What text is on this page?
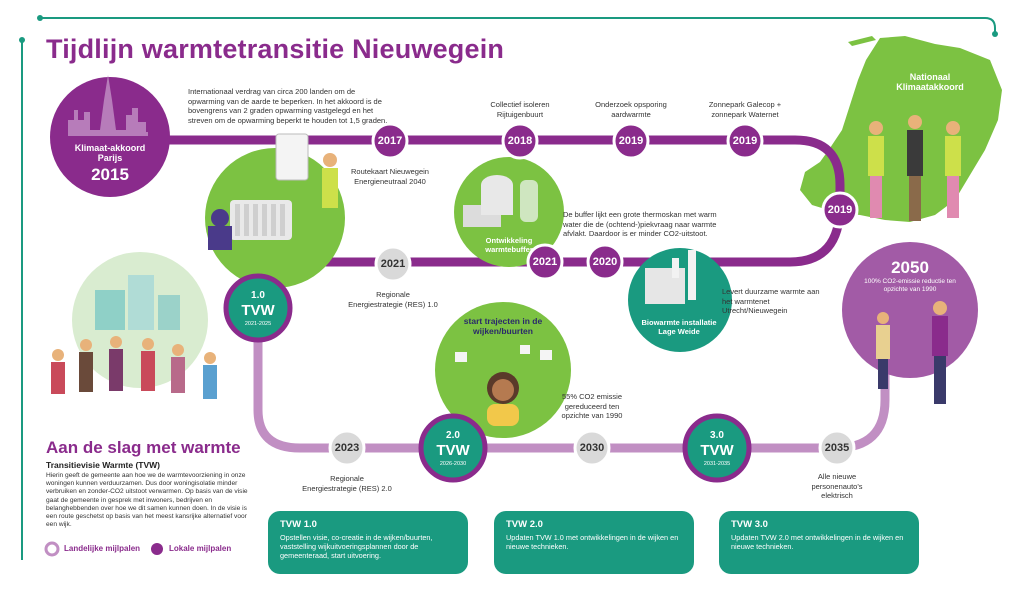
Tijdlijn warmtetransitie Nieuwegein
Klimaat-akkoord Parijs
2015
Internationaal verdrag van circa 200 landen om de opwarming van de aarde te beperken. In het akkoord is de bovengrens van 2 graden opwarming vastgelegd en het streven om de opwarming beperkt te houden tot 1,5 graden.
2017
Routekaart Nieuwegein Energieneutraal 2040
2018
Collectief isoleren Rijtuigenbuurt
2019
Onderzoek opsporing aardwarmte
2019
Zonnepark Galecop + zonnepark Waternet
Nationaal Klimaatakkoord
2019
Ontwikkeling warmtebuffer
De buffer lijkt een grote thermoskan met warm water die de (ochtend-)piekvraag naar warmte afvlakt. Daardoor is er minder CO2-uitstoot.
2021	2020
2021
Regionale Energiestrategie (RES) 1.0
Biowarmte installatie Lage Weide
Levert duurzame warmte aan het warmtenet Utrecht/Nieuwegein
2050
100% CO2-emissie reductie ten opzichte van 1990
1.0
TVW
2021-2025	start trajecten in de wijken/buurten
2023
Regionale Energiestrategie (RES) 2.0
2.0
TVW
2026-2030
2030
55% CO2 emissie gereduceerd ten opzichte van 1990
3.0
TVW
2031-2035
2035
Alle nieuwe personenauto's elektrisch
Aan de slag met warmte
Transitievisie Warmte (TVW)
Hierin geeft de gemeente aan hoe we de warmtevoorziening in onze woningen kunnen verduurzamen. Dus door woningisolatie minder verbruiken en zonder-CO2 uitstoot verwarmen. Op basis van de visie gaat de gemeente in gesprek met inwoners, bedrijven en belanghebbenden over hoe we dit samen kunnen doen. In de visie is een route geschetst op basis van het meest kansrijke alternatief voor een wijk.
Landelijke mijlpalen	Lokale mijlpalen
TVW 1.0

Opstellen visie, co-creatie in de wijken/buurten, vaststelling wijkuitvoeringsplannen door de gemeenteraad, start uitvoering.

TVW 2.0

Updaten TVW 1.0 met ontwikkelingen in de wijken en nieuwe technieken.

TVW 3.0

Updaten TVW 2.0 met ontwikkelingen in de wijken en nieuwe technieken.
